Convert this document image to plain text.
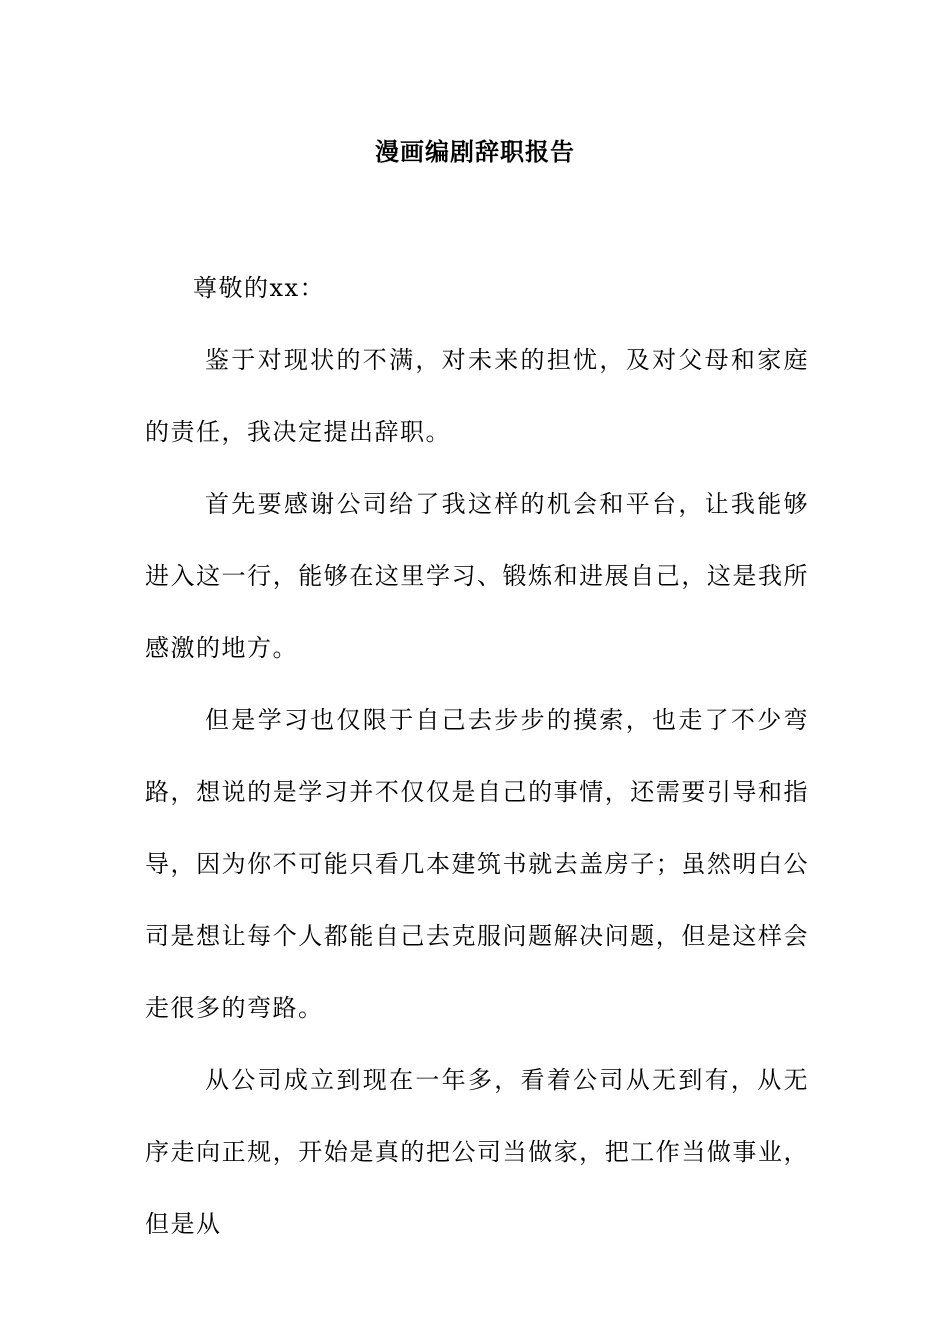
漫画编剧辞职报告

尊敬的xx：

鉴于对现状的不满，对未来的担忧，及对父母和家庭的责任，我决定提出辞职。

首先要感谢公司给了我这样的机会和平台，让我能够进入这一行，能够在这里学习、锻炼和进展自己，这是我所感激的地方。

但是学习也仅限于自己去步步的摸索，也走了不少弯路，想说的是学习并不仅仅是自己的事情，还需要引导和指导，因为你不可能只看几本建筑书就去盖房子；虽然明白公司是想让每个人都能自己去克服问题解决问题，但是这样会走很多的弯路。

从公司成立到现在一年多，看着公司从无到有，从无序走向正规，开始是真的把公司当做家，把工作当做事业，但是从
